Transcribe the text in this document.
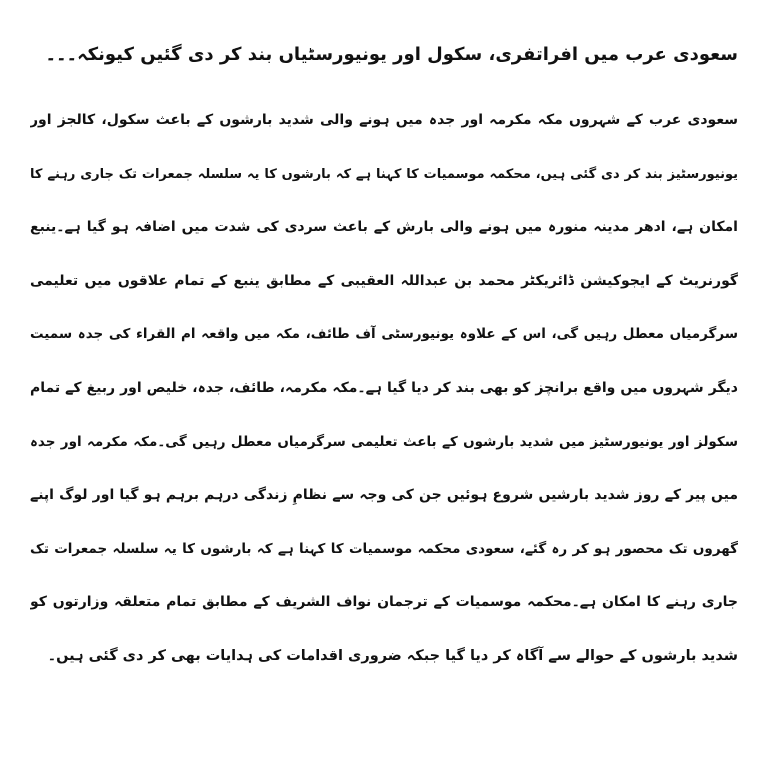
سعودی عرب میں افراتفری، سکول اور یونیورسٹیاں بند کر دی گئیں کیونکہ۔۔۔
سعودی عرب کے شہروں مکہ مکرمہ اور جدہ میں ہونے والی شدید بارشوں کے باعث سکول، کالجز اور
یونیورسٹیز بند کر دی گئی ہیں، محکمہ موسمیات کا کہنا ہے کہ بارشوں کا یہ سلسلہ جمعرات تک جاری رہنے کا
امکان ہے، ادھر مدینہ منورہ میں ہونے والی بارش کے باعث سردی کی شدت میں اضافہ ہو گیا ہے۔ینبع
گورنریٹ کے ایجوکیشن ڈائریکٹر محمد بن عبداللہ العقیبی کے مطابق ینبع کے تمام علاقوں میں تعلیمی
سرگرمیاں معطل رہیں گی، اس کے علاوہ یونیورسٹی آف طائف، مکہ میں واقعہ ام القراء کی جدہ سمیت
دیگر شہروں میں واقع برانچز کو بھی بند کر دیا گیا ہے۔مکہ مکرمہ، طائف، جدہ، خلیص اور ربیغ کے تمام
سکولز اور یونیورسٹیز میں شدید بارشوں کے باعث تعلیمی سرگرمیاں معطل رہیں گی۔مکہ مکرمہ اور جدہ
میں پیر کے روز شدید بارشیں شروع ہوئیں جن کی وجہ سے نظامِ زندگی درہم برہم ہو گیا اور لوگ اپنے
گھروں تک محصور ہو کر رہ گئے، سعودی محکمہ موسمیات کا کہنا ہے کہ بارشوں کا یہ سلسلہ جمعرات تک
جاری رہنے کا امکان ہے۔محکمہ موسمیات کے ترجمان نواف الشریف کے مطابق تمام متعلقہ وزارتوں کو
شدید بارشوں کے حوالے سے آگاہ کر دیا گیا جبکہ ضروری اقدامات کی ہدایات بھی کر دی گئی ہیں۔
